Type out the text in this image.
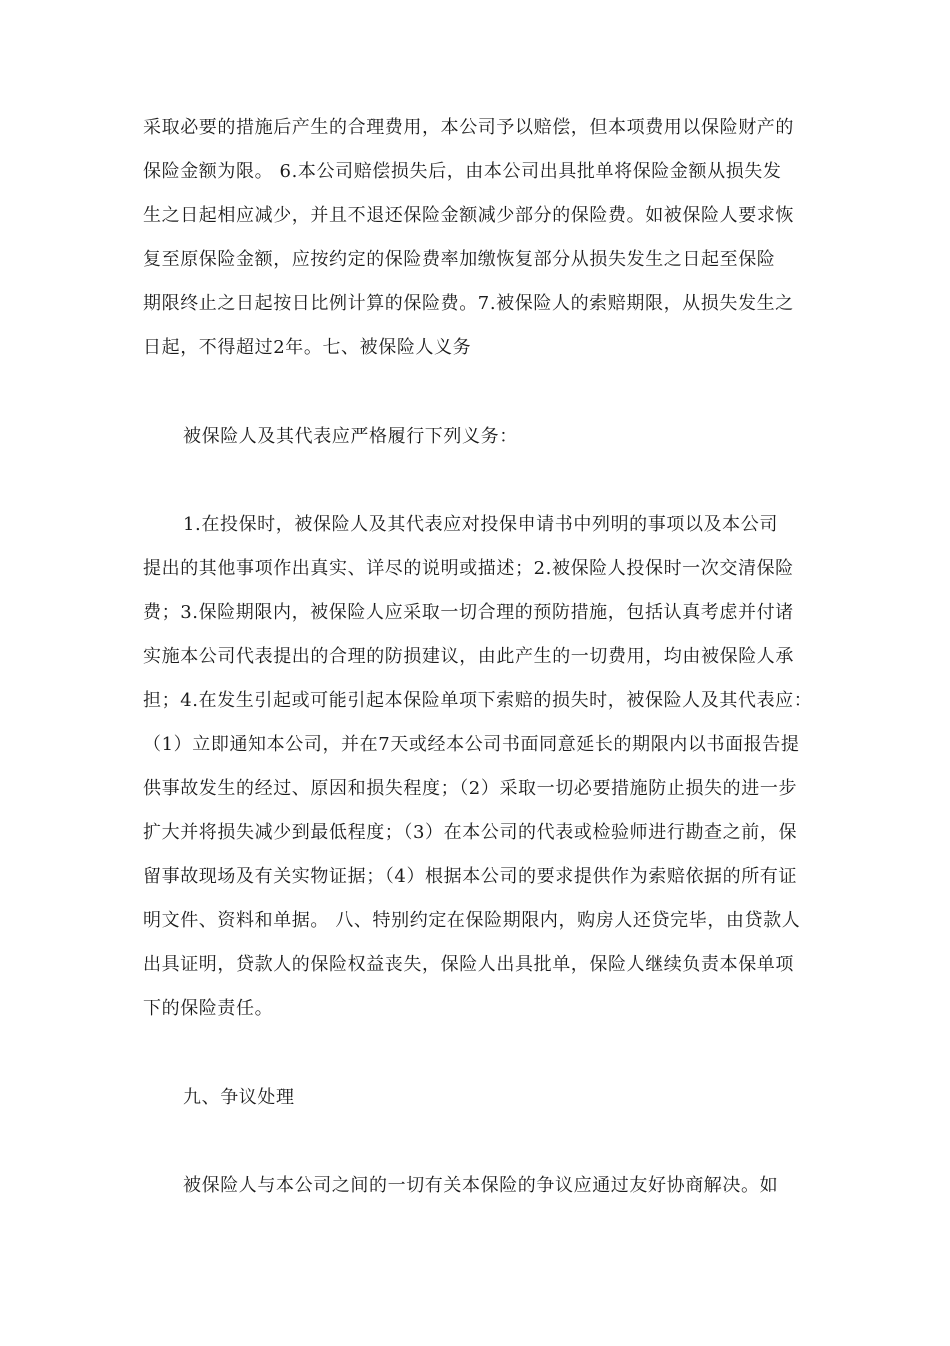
采取必要的措施后产生的合理费用，本公司予以赔偿，但本项费用以保险财产的
保险金额为限。 6.本公司赔偿损失后，由本公司出具批单将保险金额从损失发
生之日起相应减少，并且不退还保险金额减少部分的保险费。如被保险人要求恢
复至原保险金额，应按约定的保险费率加缴恢复部分从损失发生之日起至保险
期限终止之日起按日比例计算的保险费。7.被保险人的索赔期限，从损失发生之
日起，不得超过2年。七、被保险人义务
被保险人及其代表应严格履行下列义务：
1.在投保时，被保险人及其代表应对投保申请书中列明的事项以及本公司
提出的其他事项作出真实、详尽的说明或描述；2.被保险人投保时一次交清保险
费；3.保险期限内，被保险人应采取一切合理的预防措施，包括认真考虑并付诸
实施本公司代表提出的合理的防损建议，由此产生的一切费用，均由被保险人承
担；4.在发生引起或可能引起本保险单项下索赔的损失时，被保险人及其代表应：
（1）立即通知本公司，并在7天或经本公司书面同意延长的期限内以书面报告提
供事故发生的经过、原因和损失程度；（2）采取一切必要措施防止损失的进一步
扩大并将损失减少到最低程度；（3）在本公司的代表或检验师进行勘查之前，保
留事故现场及有关实物证据；（4）根据本公司的要求提供作为索赔依据的所有证
明文件、资料和单据。 八、特别约定在保险期限内，购房人还贷完毕，由贷款人
出具证明，贷款人的保险权益丧失，保险人出具批单，保险人继续负责本保单项
下的保险责任。
九、争议处理
被保险人与本公司之间的一切有关本保险的争议应通过友好协商解决。如
